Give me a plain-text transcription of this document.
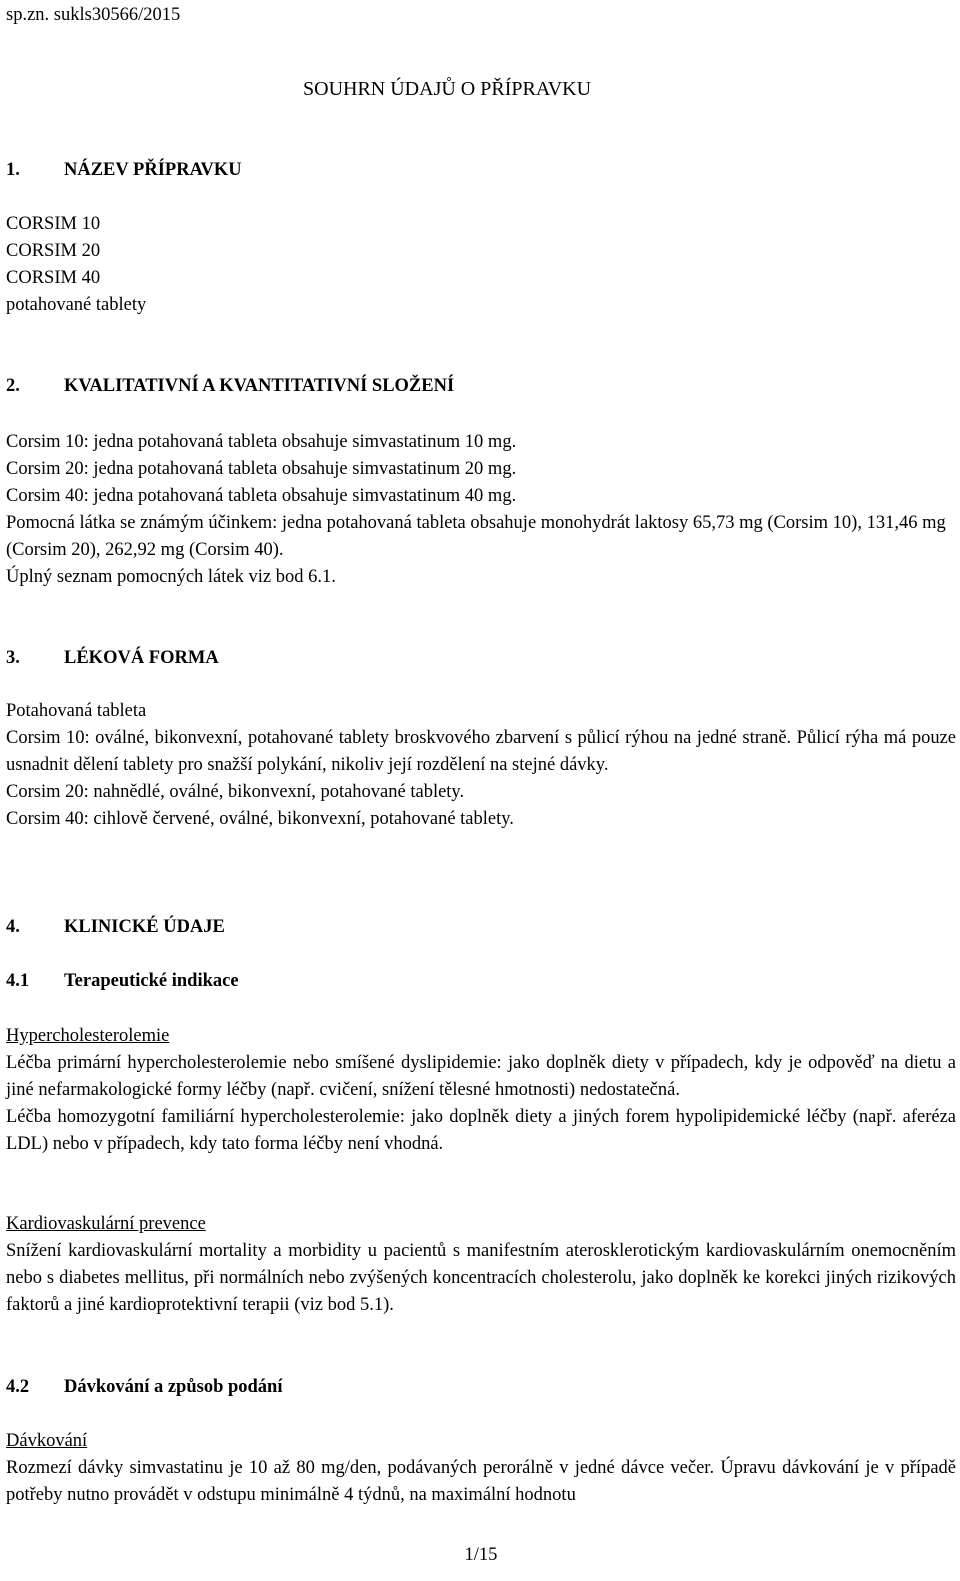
sp.zn. sukls30566/2015
SOUHRN ÚDAJŮ O PŘÍPRAVKU
1. NÁZEV PŘÍPRAVKU

CORSIM 10

CORSIM 20

CORSIM 40

potahované tablety

2. KVALITATIVNÍ A KVANTITATIVNÍ SLOŽENÍ

Corsim 10: jedna potahovaná tableta obsahuje simvastatinum 10 mg.

Corsim 20: jedna potahovaná tableta obsahuje simvastatinum 20 mg.

Corsim 40: jedna potahovaná tableta obsahuje simvastatinum 40 mg.

Pomocná látka se známým účinkem: jedna potahovaná tableta obsahuje monohydrát laktosy 65,73 mg (Corsim 10), 131,46 mg (Corsim 20), 262,92 mg (Corsim 40).

Úplný seznam pomocných látek viz bod 6.1.

3. LÉKOVÁ FORMA

Potahovaná tableta

Corsim 10: oválné, bikonvexní, potahované tablety broskvového zbarvení s půlicí rýhou na jedné straně. Půlicí rýha má pouze usnadnit dělení tablety pro snažší polykání, nikoliv její rozdělení na stejné dávky.

Corsim 20: nahnědlé, oválné, bikonvexní, potahované tablety.

Corsim 40: cihlově červené, oválné, bikonvexní, potahované tablety.

4. KLINICKÉ ÚDAJE
4.1 Terapeutické indikace

Hypercholesterolemie

Léčba primární hypercholesterolemie nebo smíšené dyslipidemie: jako doplněk diety v případech, kdy je odpověď na dietu a jiné nefarmakologické formy léčby (např. cvičení, snížení tělesné hmotnosti) nedostatečná.

Léčba homozygotní familiární hypercholesterolemie: jako doplněk diety a jiných forem hypolipidemické léčby (např. aferéza LDL) nebo v případech, kdy tato forma léčby není vhodná.

Kardiovaskulární prevence

Snížení kardiovaskulární mortality a morbidity u pacientů s manifestním aterosklerotickým kardiovaskulárním onemocněním nebo s diabetes mellitus, při normálních nebo zvýšených koncentracích cholesterolu, jako doplněk ke korekci jiných rizikových faktorů a jiné kardioprotektivní terapii (viz bod 5.1).

4.2 Dávkování a způsob podání

Dávkování

Rozmezí dávky simvastatinu je 10 až 80 mg/den, podávaných perorálně v jedné dávce večer. Úpravu dávkování je v případě potřeby nutno provádět v odstupu minimálně 4 týdnů, na maximální hodnotu

1/15
